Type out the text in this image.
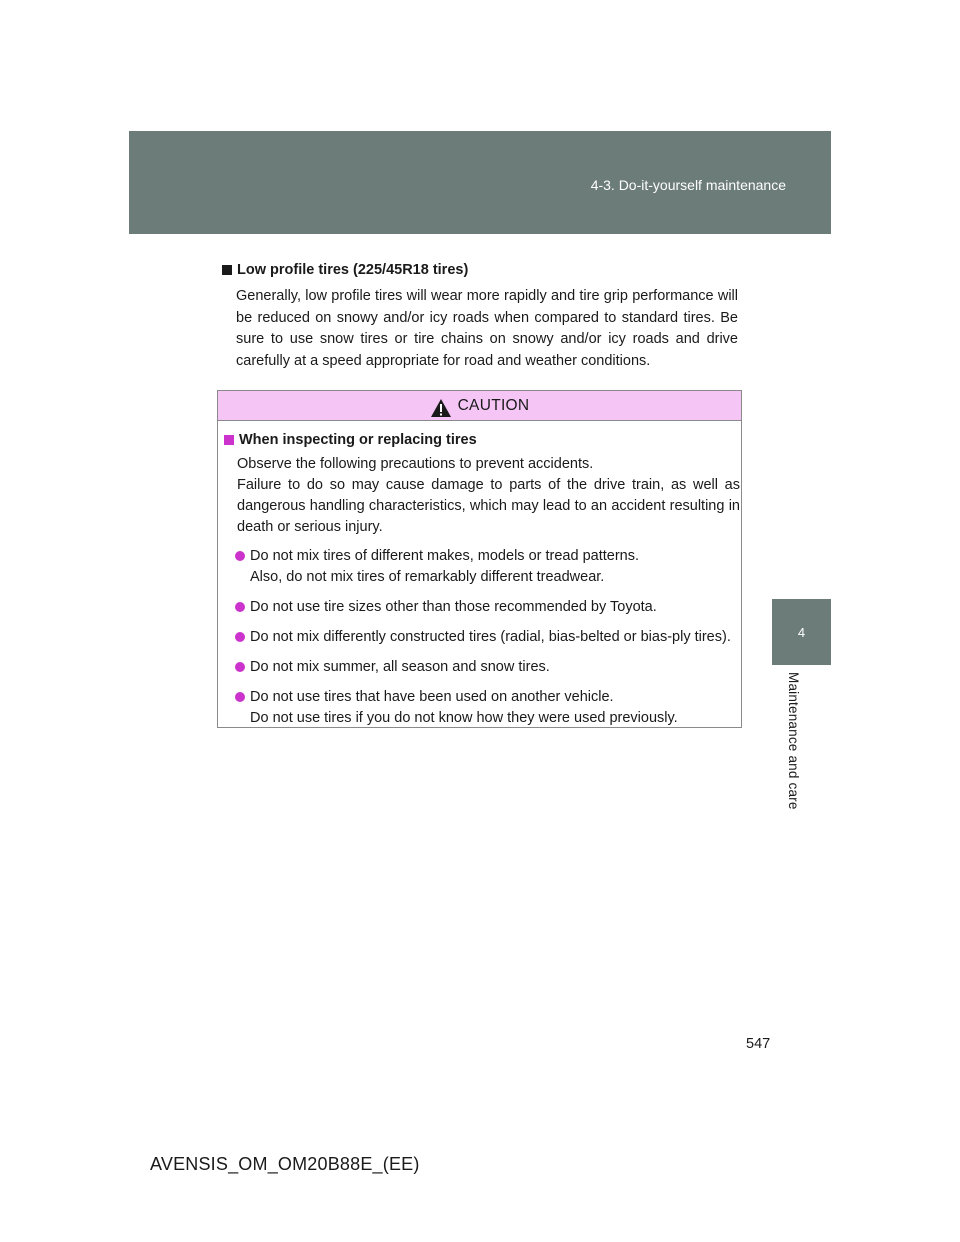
4-3. Do-it-yourself maintenance
4
Maintenance and care
Low profile tires (225/45R18 tires)
Generally, low profile tires will wear more rapidly and tire grip performance will be reduced on snowy and/or icy roads when compared to standard tires. Be sure to use snow tires or tire chains on snowy and/or icy roads and drive carefully at a speed appropriate for road and weather conditions.
CAUTION
When inspecting or replacing tires
Observe the following precautions to prevent accidents.
Failure to do so may cause damage to parts of the drive train, as well as dangerous handling characteristics, which may lead to an accident resulting in death or serious injury.
Do not mix tires of different makes, models or tread patterns.
Also, do not mix tires of remarkably different treadwear.
Do not use tire sizes other than those recommended by Toyota.
Do not mix differently constructed tires (radial, bias-belted or bias-ply tires).
Do not mix summer, all season and snow tires.
Do not use tires that have been used on another vehicle.
Do not use tires if you do not know how they were used previously.
547
AVENSIS_OM_OM20B88E_(EE)
